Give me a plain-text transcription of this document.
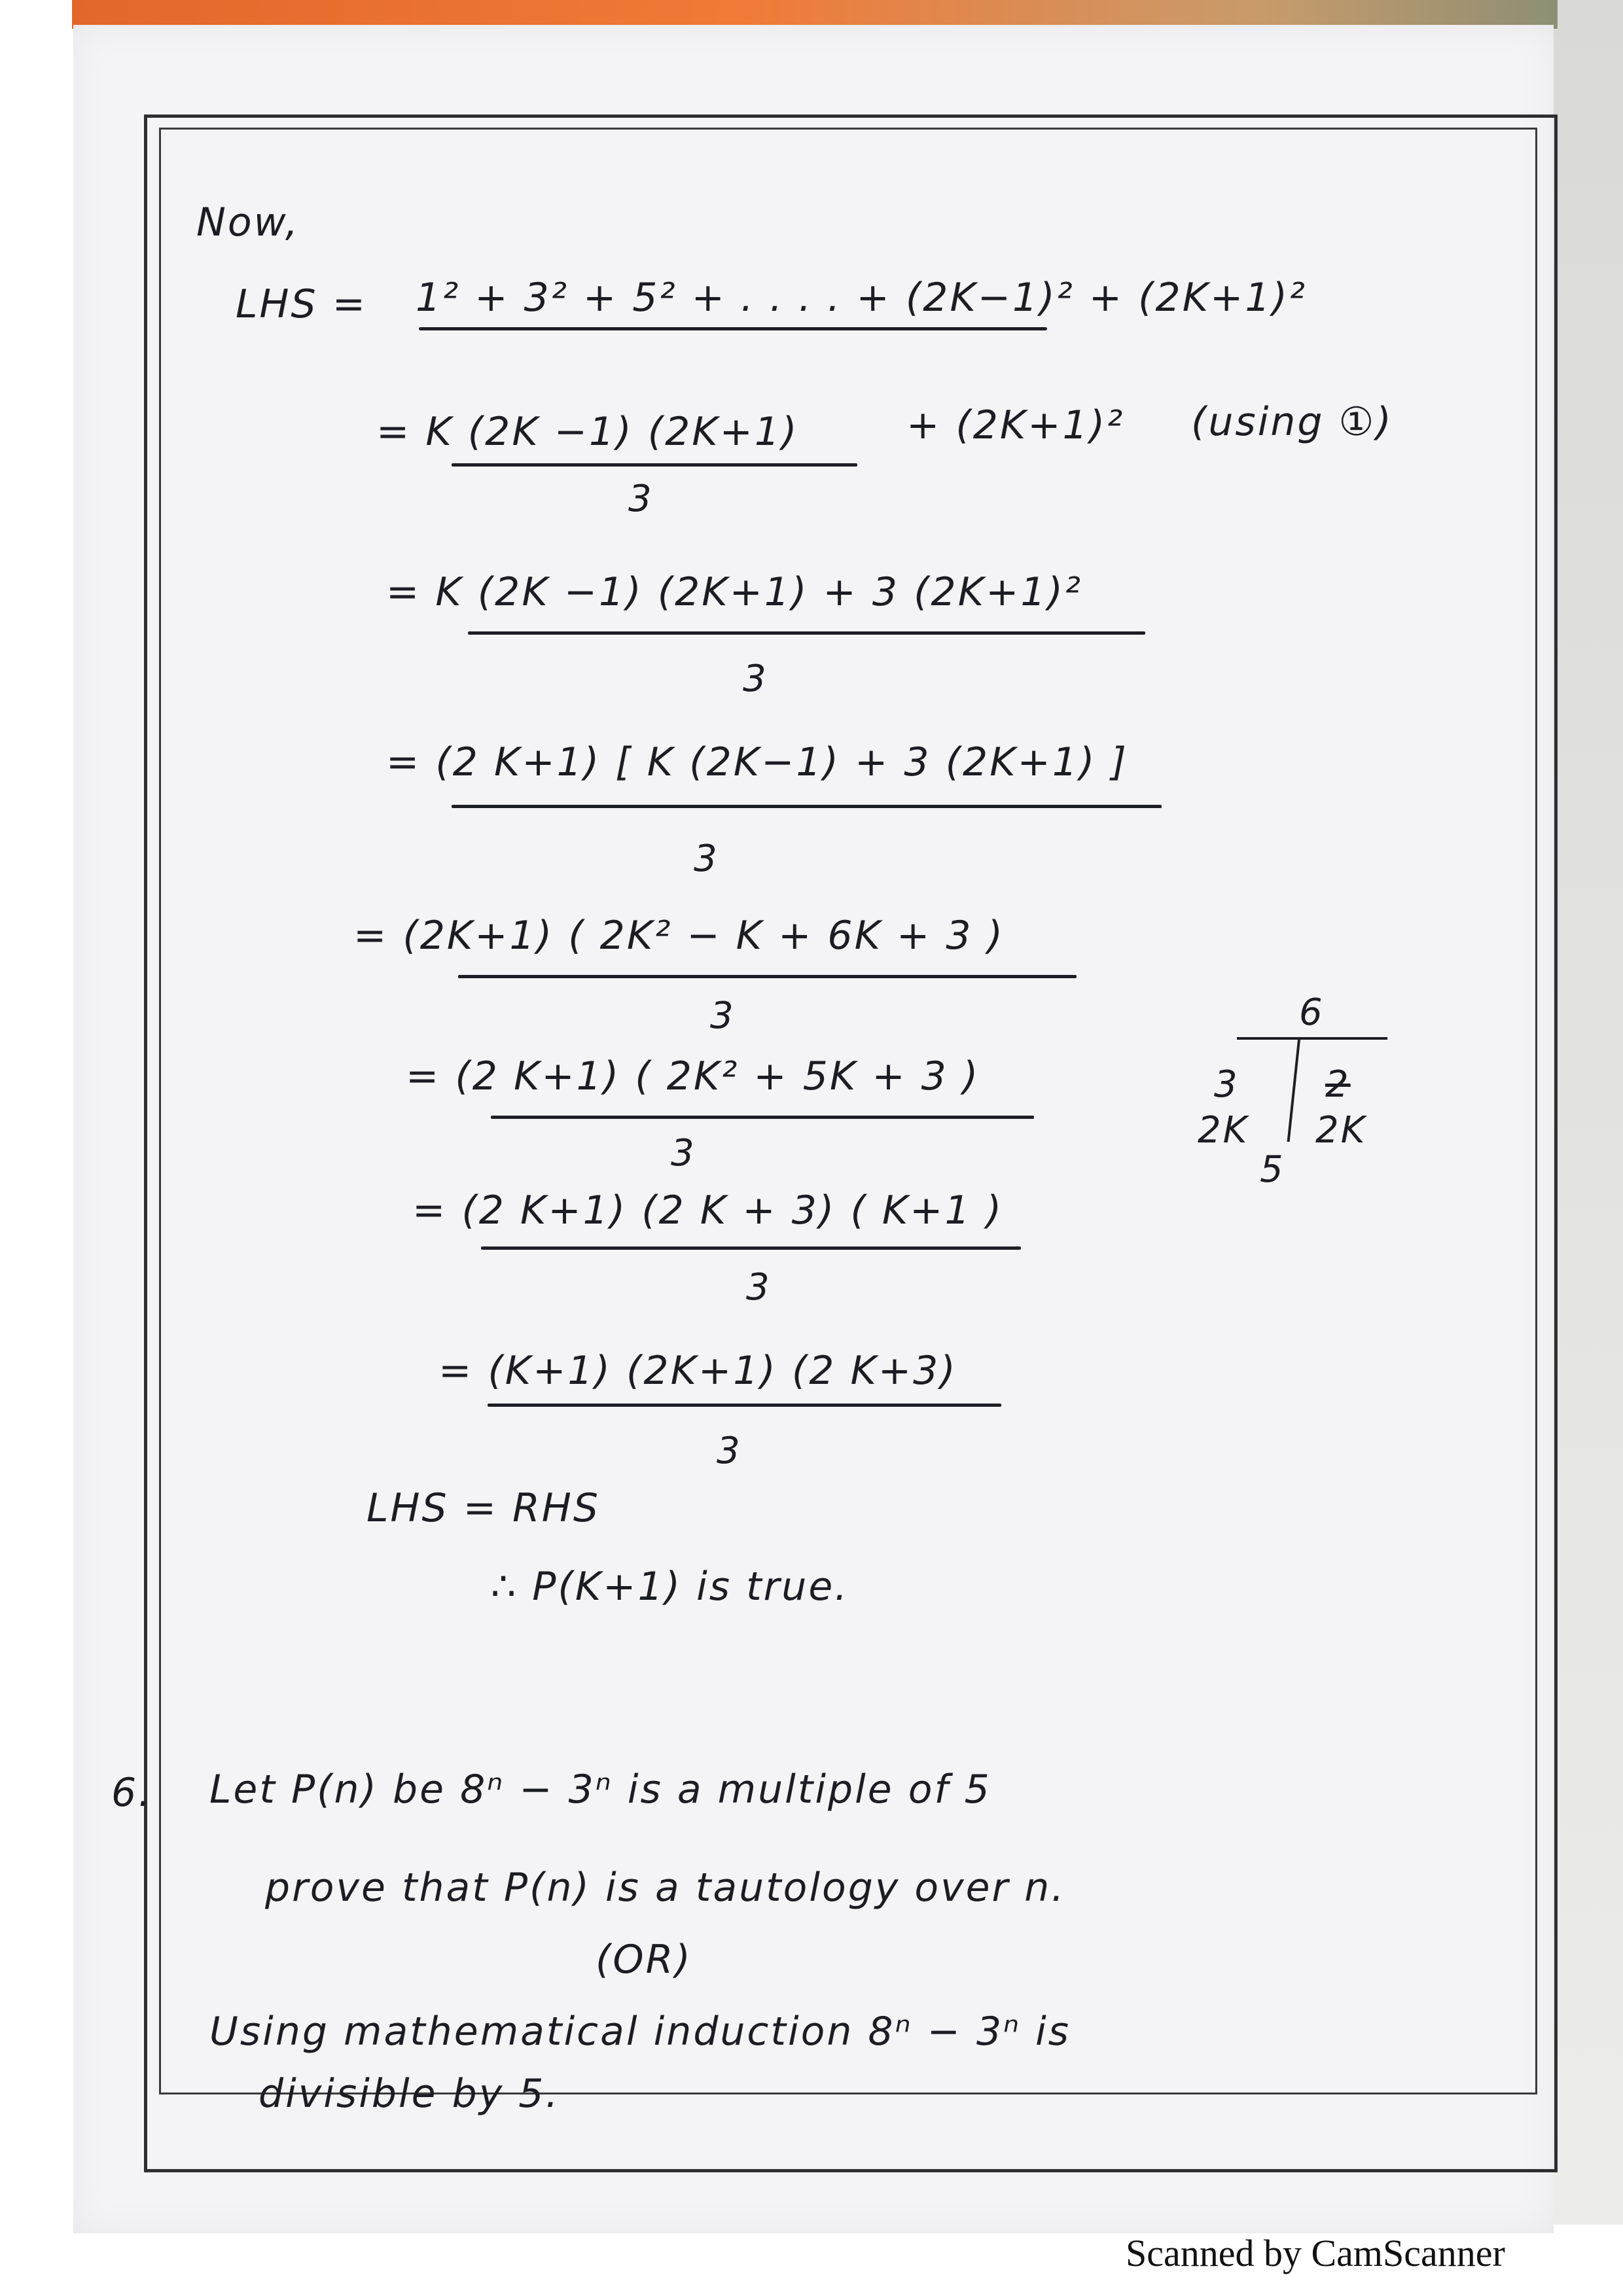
Now,
LHS = 1² + 3² + 5² + . . . . + (2K−1)² + (2K+1)²
= K (2K −1) (2K+1)	+ (2K+1)² (using ①)
3
= K (2K −1) (2K+1) + 3 (2K+1)²
3
= (2 K+1) [ K (2K−1) + 3 (2K+1) ]
3
= (2K+1) ( 2K² − K + 6K + 3 )
3
= (2 K+1) ( 2K² + 5K + 3 )
3
= (2 K+1) (2 K + 3) ( K+1 )
3
= (K+1) (2K+1) (2 K+3)
3
LHS = RHS
∴ P(K+1) is true.
6
3
2K
2
2K
5
6. Let P(n) be 8ⁿ − 3ⁿ is a multiple of 5
prove that P(n) is a tautology over n.
(OR)
Using mathematical induction 8ⁿ − 3ⁿ is
divisible by 5.
Scanned by CamScanner
